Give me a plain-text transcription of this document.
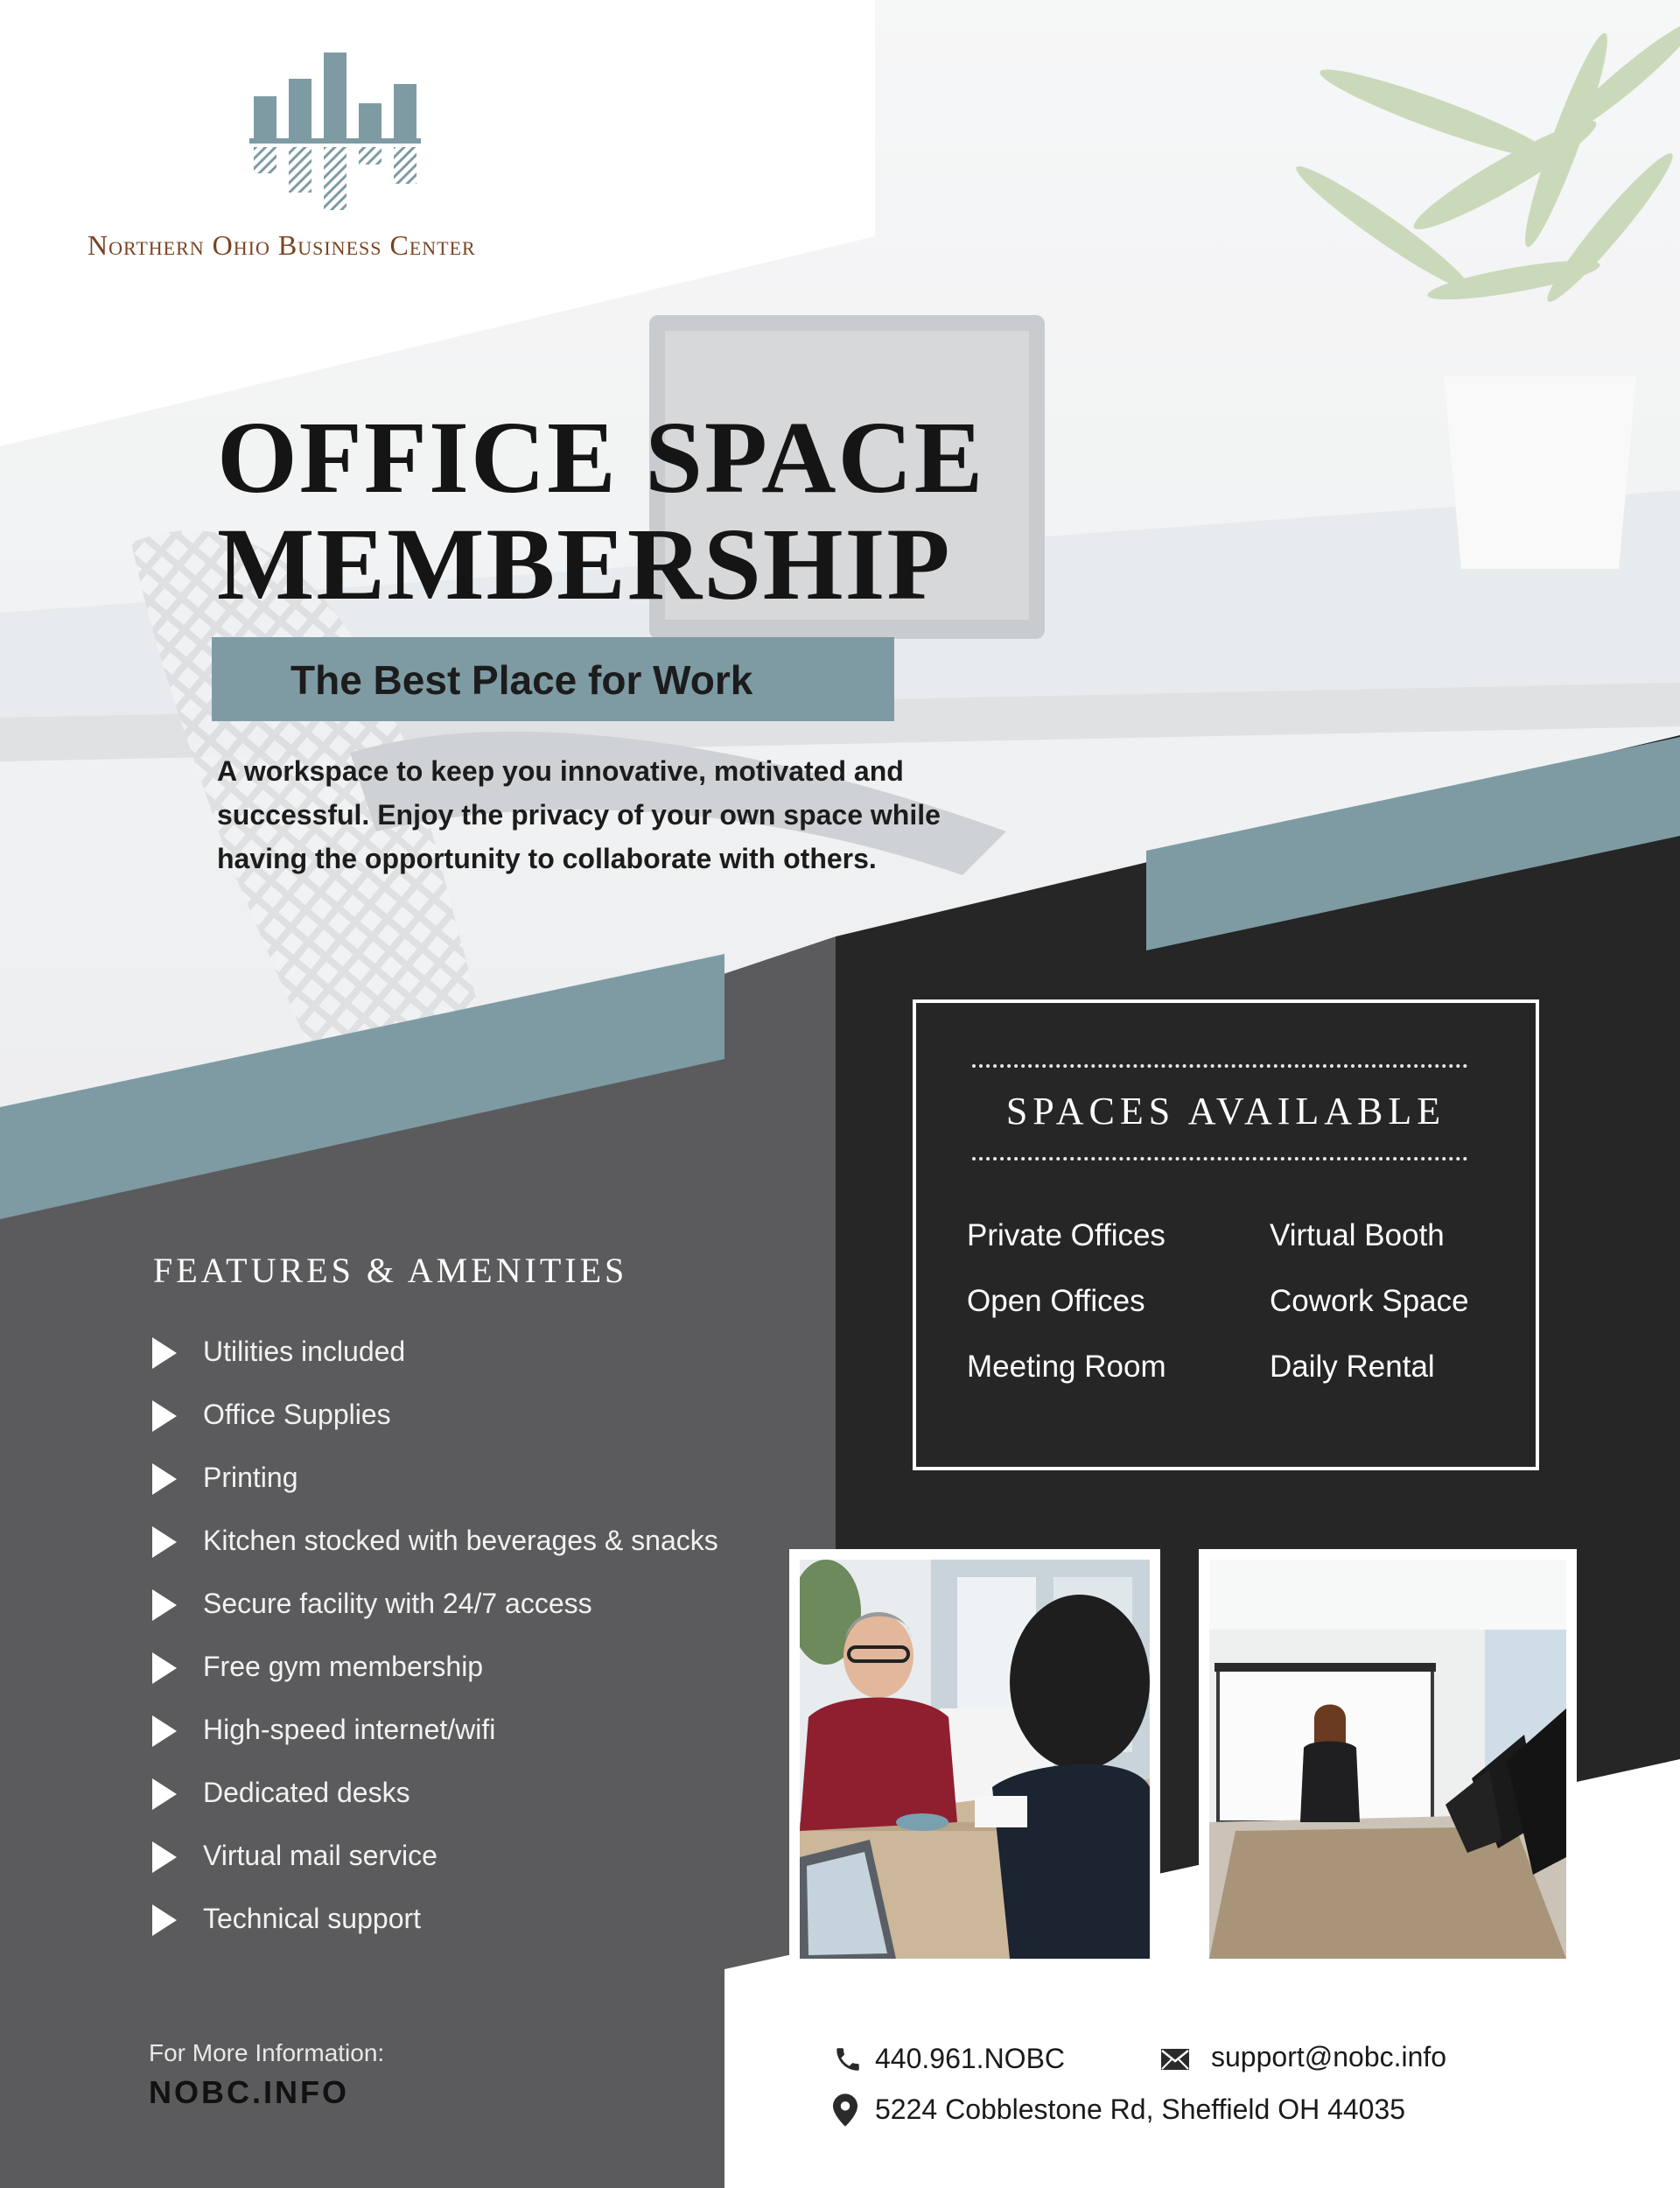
Northern Ohio Business Center
OFFICE SPACE
MEMBERSHIP
The Best Place for Work
A workspace to keep you innovative, motivated and successful. Enjoy the privacy of your own space while having the opportunity to collaborate with others.
SPACES AVAILABLE
Private Offices
Open Offices
Meeting Room
Virtual Booth
Cowork Space
Daily Rental
FEATURES & AMENITIES
Utilities included
Office Supplies
Printing
Kitchen stocked with beverages & snacks
Secure facility with 24/7 access
Free gym membership
High-speed internet/wifi
Dedicated desks
Virtual mail service
Technical support
For More Information:
NOBC.INFO
440.961.NOBC	support@nobc.info
5224 Cobblestone Rd, Sheffield OH 44035
